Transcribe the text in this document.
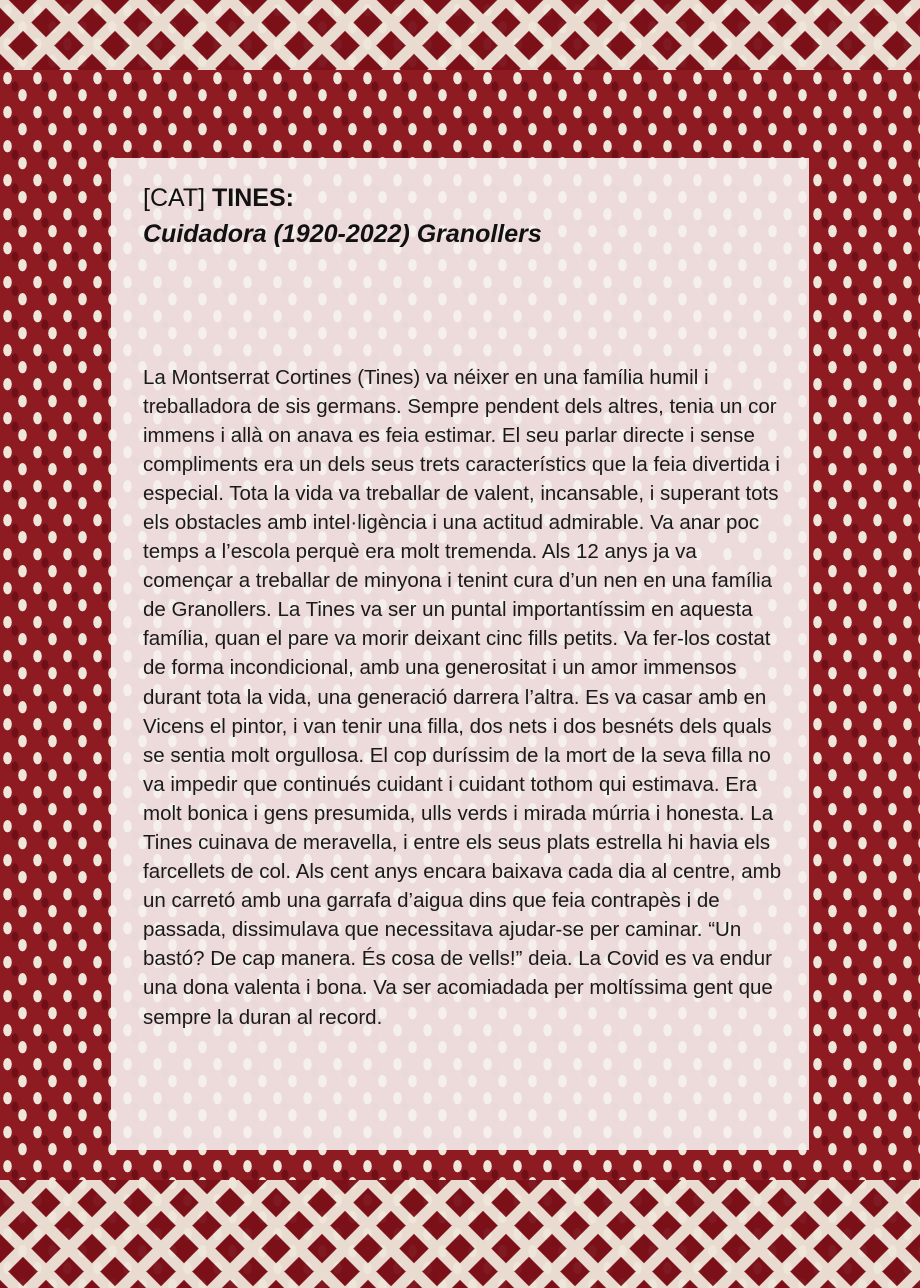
[CAT] TINES:
Cuidadora (1920-2022) Granollers

La Montserrat Cortines (Tines) va néixer en una família humil i treballadora de sis germans. Sempre pendent dels altres, tenia un cor immens i allà on anava es feia estimar. El seu parlar directe i sense compliments era un dels seus trets característics que la feia divertida i especial. Tota la vida va treballar de valent, incansable, i superant tots els obstacles amb intel·ligència i una actitud admirable. Va anar poc temps a l’escola perquè era molt tremenda. Als 12 anys ja va començar a treballar de minyona i tenint cura d’un nen en una família de Granollers. La Tines va ser un puntal importantíssim en aquesta família, quan el pare va morir deixant cinc fills petits. Va fer-los costat de forma incondicional, amb una generositat i un amor immensos durant tota la vida, una generació darrera l’altra. Es va casar amb en Vicens el pintor, i van tenir una filla, dos nets i dos besnéts dels quals se sentia molt orgullosa. El cop duríssim de la mort de la seva filla no va impedir que continués cuidant i cuidant tothom qui estimava. Era molt bonica i gens presumida, ulls verds i mirada múrria i honesta. La Tines cuinava de meravella, i entre els seus plats estrella hi havia els farcellets de col. Als cent anys encara baixava cada dia al centre, amb un carretó amb una garrafa d’aigua dins que feia contrapès i de passada, dissimulava que necessitava ajudar-se per caminar. “Un bastó? De cap manera. És cosa de vells!” deia. La Covid es va endur una dona valenta i bona. Va ser acomiadada per moltíssima gent que sempre la duran al record.
